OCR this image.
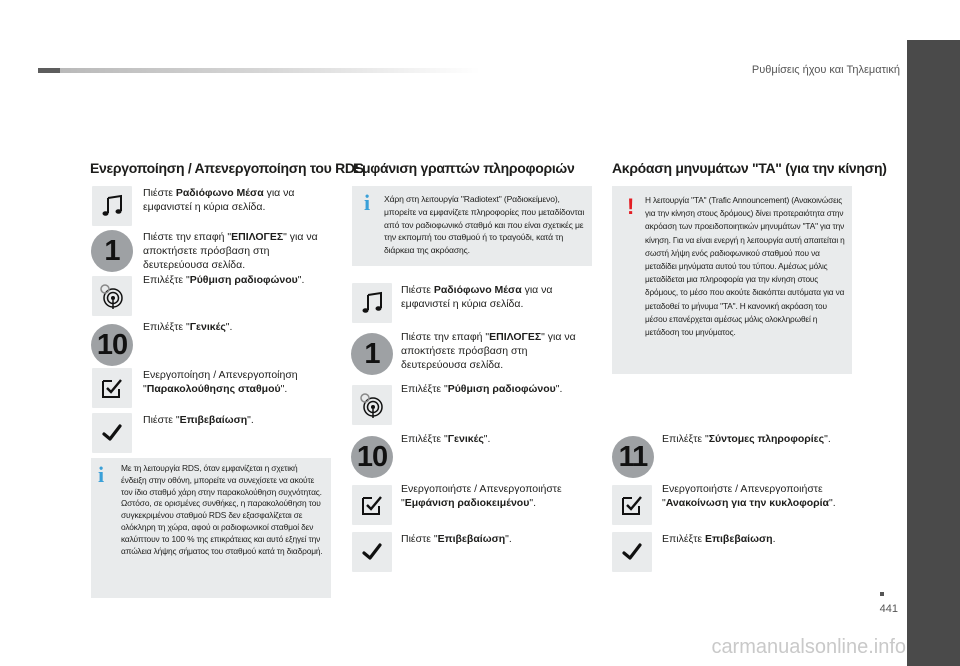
Ρυθμίσεις ήχου και Τηλεματική
441
carmanualsonline.info
Ενεργοποίηση / Απενεργοποίηση του RDS
Πιέστε Ραδιόφωνο Μέσα για να εμφανιστεί η κύρια σελίδα.
1	Πιέστε την επαφή "ΕΠΙΛΟΓΕΣ" για να αποκτήσετε πρόσβαση στη δευτερεύουσα σελίδα.
Επιλέξτε "Ρύθμιση ραδιοφώνου".
10
Επιλέξτε "Γενικές".
Ενεργοποίηση / Απενεργοποίηση "Παρακολούθησης σταθμού".
Πιέστε "Επιβεβαίωση".
i Με τη λειτουργία RDS, όταν εμφανίζεται η σχετική ένδειξη στην οθόνη, μπορείτε να συνεχίσετε να ακούτε τον ίδιο σταθμό χάρη στην παρακολούθηση συχνότητας. Ωστόσο, σε ορισμένες συνθήκες, η παρακολούθηση του συγκεκριμένου σταθμού RDS δεν εξασφαλίζεται σε ολόκληρη τη χώρα, αφού οι ραδιοφωνικοί σταθμοί δεν καλύπτουν το 100 % της επικράτειας και αυτό εξηγεί την απώλεια λήψης σήματος του σταθμού κατά τη διαδρομή.
Εμφάνιση γραπτών πληροφοριών
i Χάρη στη λειτουργία "Radiotext" (Ραδιοκείμενο), μπορείτε να εμφανίζετε πληροφορίες που μεταδίδονται από τον ραδιοφωνικό σταθμό και που είναι σχετικές με την εκπομπή του σταθμού ή το τραγούδι, κατά τη διάρκεια της ακρόασης.
Πιέστε Ραδιόφωνο Μέσα για να εμφανιστεί η κύρια σελίδα.
1
Πιέστε την επαφή "ΕΠΙΛΟΓΕΣ" για να αποκτήσετε πρόσβαση στη δευτερεύουσα σελίδα.
Επιλέξτε "Ρύθμιση ραδιοφώνου".
10
Επιλέξτε "Γενικές".
Ενεργοποιήστε / Απενεργοποιήστε "Εμφάνιση ραδιοκειμένου".
Πιέστε "Επιβεβαίωση".
Ακρόαση μηνυμάτων "TA" (για την κίνηση)
! Η λειτουργία "TA" (Trafic Announcement) (Ανακοινώσεις για την κίνηση στους δρόμους) δίνει προτεραιότητα στην ακρόαση των προειδοποιητικών μηνυμάτων "TA" για την κίνηση. Για να είναι ενεργή η λειτουργία αυτή απαιτείται η σωστή λήψη ενός ραδιοφωνικού σταθμού που να μεταδίδει μηνύματα αυτού του τύπου. Αμέσως μόλις μεταδίδεται μια πληροφορία για την κίνηση στους δρόμους, το μέσο που ακούτε διακόπτει αυτόματα για να μεταδοθεί το μήνυμα "TA". Η κανονική ακρόαση του μέσου επανέρχεται αμέσως μόλις ολοκληρωθεί η μετάδοση του μηνύματος.
11
Επιλέξτε "Σύντομες πληροφορίες".
Ενεργοποιήστε / Απενεργοποιήστε "Ανακοίνωση για την κυκλοφορία".
Επιλέξτε Επιβεβαίωση.
